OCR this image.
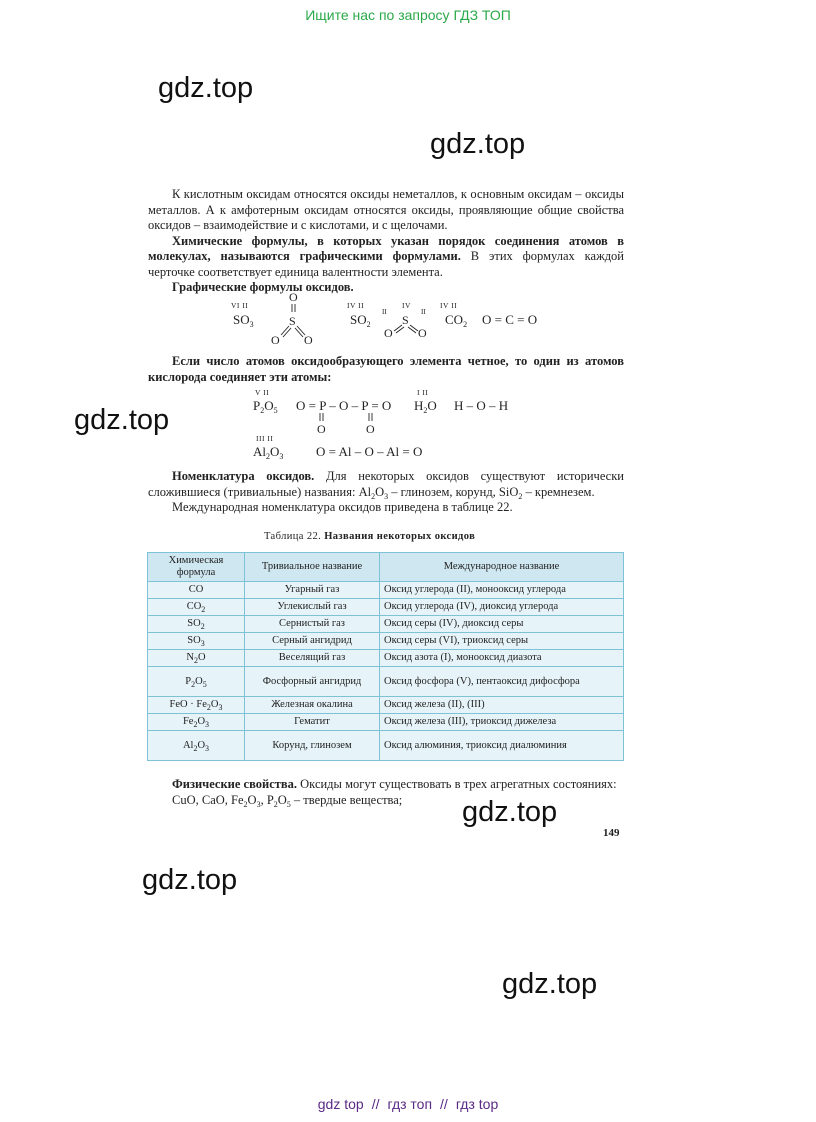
Ищите нас по запросу ГДЗ ТОП
gdz.top
gdz.top
gdz.top
gdz.top
gdz.top
gdz.top

К кислотным оксидам относятся оксиды неметаллов, к основным оксидам – оксиды металлов. А к амфотерным оксидам относятся оксиды, проявляющие общие свойства оксидов – взаимодействие и с кислотами, и с щелочами.

Химические формулы, в которых указан порядок соединения атомов в молекулах, называются графическими формулами. В этих формулах каждой черточке соответствует единица валентности элемента.

Графические формулы оксидов.

VI II
$SO_3$
O
S
O O
IV II
$SO_2$
IV
II	II
S
O O
IV II
$CO_2$ O = C = O

Если число атомов оксидообразующего элемента четное, то один из атомов кислорода соединяет эти атомы:

V II
$P_2O_5$ O = P – O – P = O
O	O
I II
$H_2O$ H – O – H
III II
$Al_2O_3$	O = Al – O – Al = O

Номенклатура оксидов. Для некоторых оксидов существуют исторически сложившиеся (тривиальные) названия: $Al_2O_3$ – глинозем, корунд, SiO$_2$ – кремнезем.

Международная номенклатура оксидов приведена в таблице 22.

Таблица 22. Названия некоторых оксидов
Химическая формула	Тривиальное название	Международное название
CO	Угарный газ	Оксид углерода (II), монооксид углерода
$CO_2$	Углекислый газ	Оксид углерода (IV), диоксид углерода
$SO_2$	Сернистый газ	Оксид серы (IV), диоксид серы
$SO_3$	Серный ангидрид	Оксид серы (VI), триоксид серы
$N_2O$	Веселящий газ	Оксид азота (I), монооксид диазота
$P_2O_5$	Фосфорный ангидрид	Оксид фосфора (V), пентаоксид дифосфора
FeO · $Fe_2O_3$	Железная окалина	Оксид железа (II), (III)
$Fe_2O_3$	Гематит	Оксид железа (III), триоксид дижелеза
$Al_2O_3$	Корунд, глинозем	Оксид алюминия, триоксид диалюминия

Физические свойства. Оксиды могут существовать в трех агрегатных состояниях:

CuO, CaO, $Fe_2O_3$, $P_2O_5$ – твердые вещества;

149
gdz top // гдз топ // гдз top
